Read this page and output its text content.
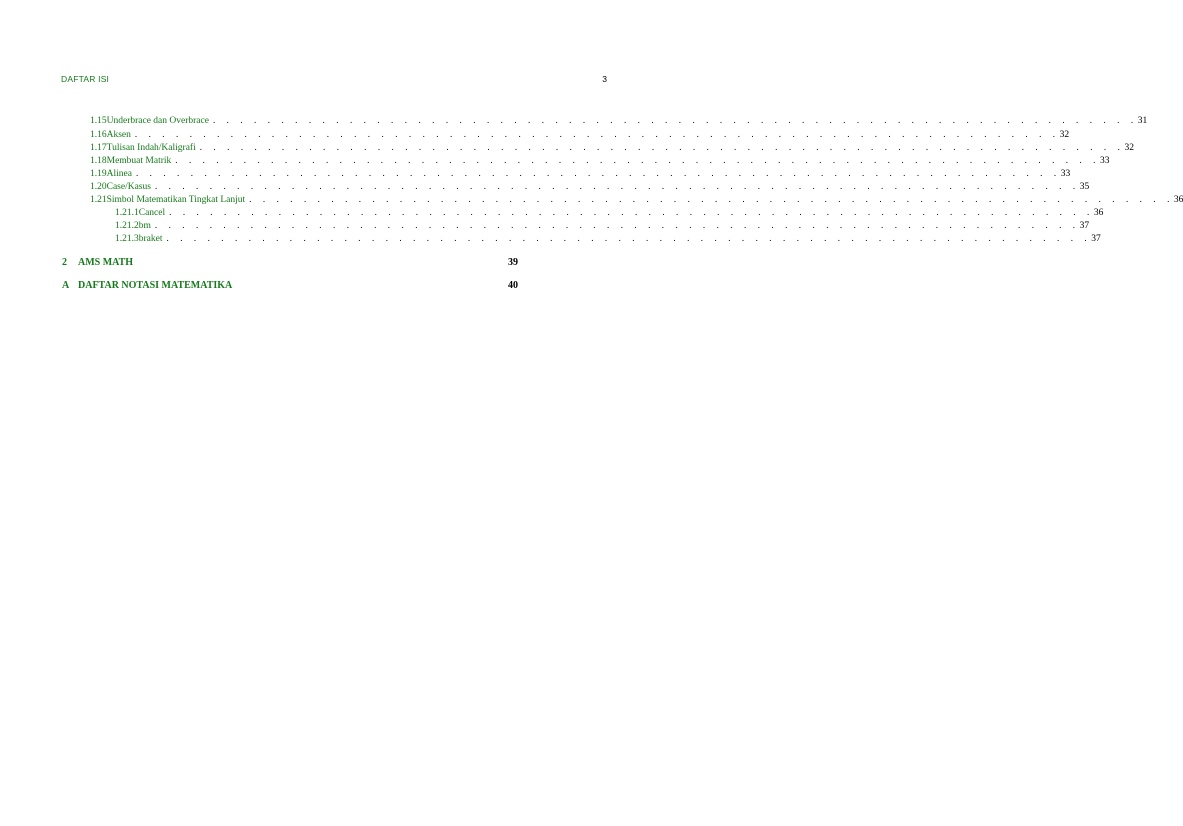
DAFTAR ISI	3
1.15 Underbrace dan Overbrace . . . . . . . . . . . . . . . . . . . . . . . . . . . . . . . . . . . . . . . . . . . . . . . . . . . . . . . . . . . . . . . . . . . . 31
1.16 Aksen . . . . . . . . . . . . . . . . . . . . . . . . . . . . . . . . . . . . . . . . . . . . . . . . . . . . . . . . . . . . . . . . . . . . 32
1.17 Tulisan Indah/Kaligrafi . . . . . . . . . . . . . . . . . . . . . . . . . . . . . . . . . . . . . . . . . . . . . . . . . . . . . . . . . . . . . . . . . . . . 32
1.18 Membuat Matrik . . . . . . . . . . . . . . . . . . . . . . . . . . . . . . . . . . . . . . . . . . . . . . . . . . . . . . . . . . . . . . . . . . . . 33
1.19 Alinea . . . . . . . . . . . . . . . . . . . . . . . . . . . . . . . . . . . . . . . . . . . . . . . . . . . . . . . . . . . . . . . . . . . . 33
1.20 Case/Kasus . . . . . . . . . . . . . . . . . . . . . . . . . . . . . . . . . . . . . . . . . . . . . . . . . . . . . . . . . . . . . . . . . . . . 35
1.21 Simbol Matematikan Tingkat Lanjut . . . . . . . . . . . . . . . . . . . . . . . . . . . . . . . . . . . . . . . . . . . . . . . . . . . . . . . . . . . . . . . . . . . . 36
1.21.1 Cancel . . . . . . . . . . . . . . . . . . . . . . . . . . . . . . . . . . . . . . . . . . . . . . . . . . . . . . . . . . . . . . . . . . . . 36
1.21.2 bm . . . . . . . . . . . . . . . . . . . . . . . . . . . . . . . . . . . . . . . . . . . . . . . . . . . . . . . . . . . . . . . . . . . . 37
1.21.3 braket . . . . . . . . . . . . . . . . . . . . . . . . . . . . . . . . . . . . . . . . . . . . . . . . . . . . . . . . . . . . . . . . . . . . 37
2	AMS MATH	39
A DAFTAR NOTASI MATEMATIKA	40
